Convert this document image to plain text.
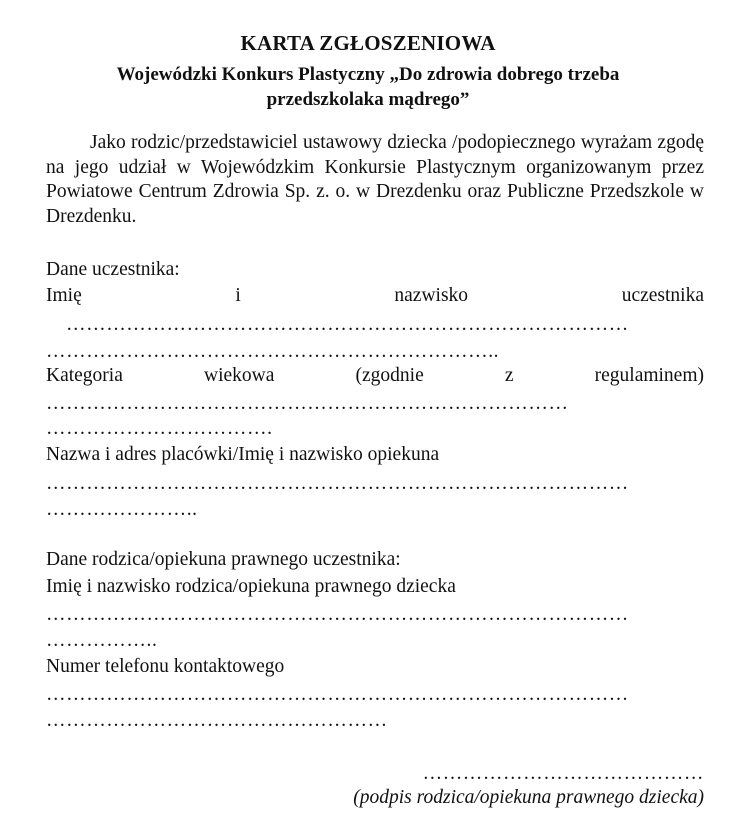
KARTA ZGŁOSZENIOWA
Wojewódzki Konkurs Plastyczny „Do zdrowia dobrego trzeba przedszkolaka mądrego”
Jako rodzic/przedstawiciel ustawowy dziecka /podopiecznego wyrażam zgodę na jego udział w Wojewódzkim Konkursie Plastycznym organizowanym przez Powiatowe Centrum Zdrowia Sp. z. o. w Drezdenku oraz Publiczne Przedszkole w Drezdenku.
Dane uczestnika:
Imię	i	nazwisko	uczestnika
…………………………………………………………………………
…………………………………………………………..
Kategoria	wiekowa	(zgodnie	z	regulaminem)
……………………………………………………………………
…………………………….
Nazwa i adres placówki/Imię i nazwisko opiekuna
……………………………………………………………………………
…………………..
Dane rodzica/opiekuna prawnego uczestnika:
Imię i nazwisko rodzica/opiekuna prawnego dziecka
……………………………………………………………………………
……………..
Numer telefonu kontaktowego
……………………………………………………………………………
……………………………………………
……………………………………
(podpis rodzica/opiekuna prawnego dziecka)
